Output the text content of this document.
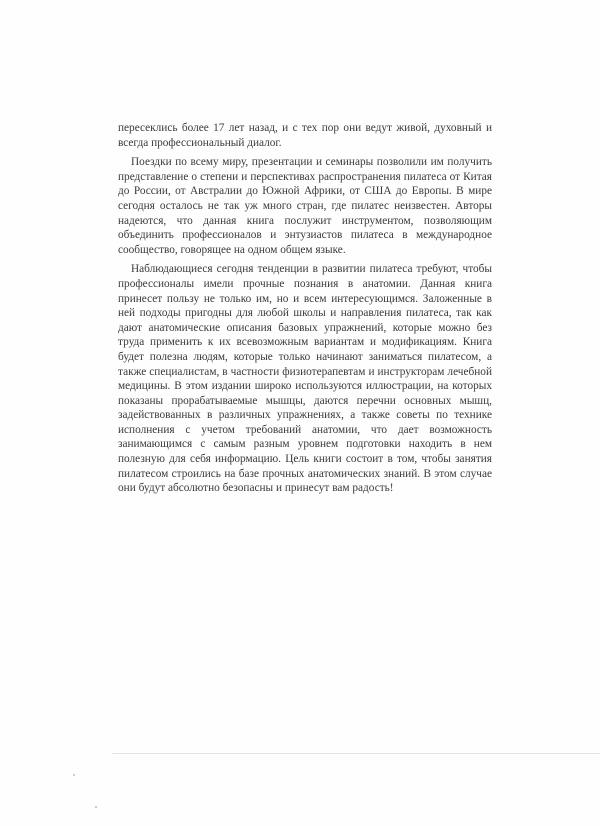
пересеклись более 17 лет назад, и с тех пор они ведут живой, духовный и всегда профессиональный диалог.

Поездки по всему миру, презентации и семинары позволили им получить представление о степени и перспективах распространения пилатеса от Китая до России, от Австралии до Южной Африки, от США до Европы. В мире сегодня осталось не так уж много стран, где пилатес неизвестен. Авторы надеются, что данная книга послужит инструментом, позволяющим объединить профессионалов и энтузиастов пилатеса в международное сообщество, говорящее на одном общем языке.

Наблюдающиеся сегодня тенденции в развитии пилатеса требуют, чтобы профессионалы имели прочные познания в анатомии. Данная книга принесет пользу не только им, но и всем интересующимся. Заложенные в ней подходы пригодны для любой школы и направления пилатеса, так как дают анатомические описания базовых упражнений, которые можно без труда применить к их всевозможным вариантам и модификациям. Книга будет полезна людям, которые только начинают заниматься пилатесом, а также специалистам, в частности физиотерапевтам и инструкторам лечебной медицины. В этом издании широко используются иллюстрации, на которых показаны прорабатываемые мышцы, даются перечни основных мышц, задействованных в различных упражнениях, а также советы по технике исполнения с учетом требований анатомии, что дает возможность занимающимся с самым разным уровнем подготовки находить в нем полезную для себя информацию. Цель книги состоит в том, чтобы занятия пилатесом строились на базе прочных анатомических знаний. В этом случае они будут абсолютно безопасны и принесут вам радость!
